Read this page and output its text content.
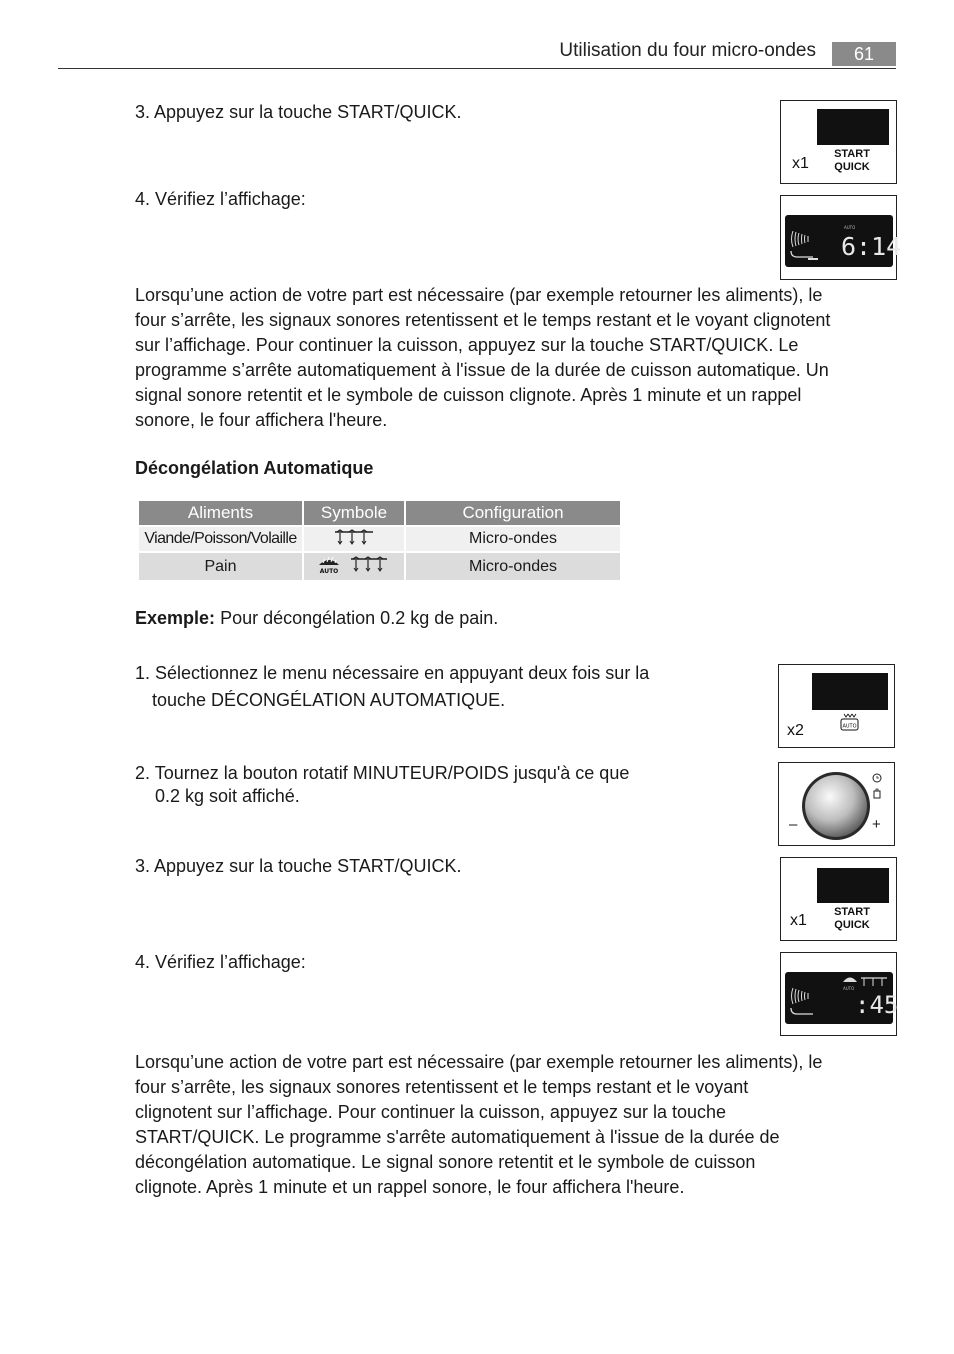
Utilisation du four micro-ondes	61
3. Appuyez sur la touche START/QUICK.
4. Vérifiez l’affichage:
Lorsqu’une action de votre part est nécessaire (par exemple retourner les aliments), le four s’arrête, les signaux sonores retentissent et le temps restant et le voyant clignotent sur l’affichage. Pour continuer la cuisson, appuyez sur la touche START/QUICK. Le programme s’arrête automatiquement à l'issue de la durée de cuisson automatique. Un signal sonore retentit et le symbole de cuisson clignote. Après 1 minute et un rappel sonore, le four affichera l'heure.
Décongélation Automatique
Aliments	Symbole	Configuration
Viande/Poisson/Volaille		Micro-ondes
Pain	AUTO	Micro-ondes
Exemple: Pour décongélation 0.2 kg de pain.
1. Sélectionnez le menu nécessaire en appuyant deux fois sur la
touche DÉCONGÉLATION AUTOMATIQUE.
2. Tournez la bouton rotatif MINUTEUR/POIDS jusqu'à ce que
0.2 kg soit affiché.
3. Appuyez sur la touche START/QUICK.
4. Vérifiez l’affichage:
Lorsqu’une action de votre part est nécessaire (par exemple retourner les aliments), le four s’arrête, les signaux sonores retentissent et le temps restant et le voyant clignotent sur l’affichage. Pour continuer la cuisson, appuyez sur la touche START/QUICK. Le programme s'arrête automatiquement à l'issue de la durée de décongélation automatique. Le signal sonore retentit et le symbole de cuisson clignote. Après 1 minute et un rappel sonore, le four affichera l'heure.
x1
START
QUICK
AUTO
6:14
x2	AUTO
–	+
x1	START
QUICK
AUTO
:45
